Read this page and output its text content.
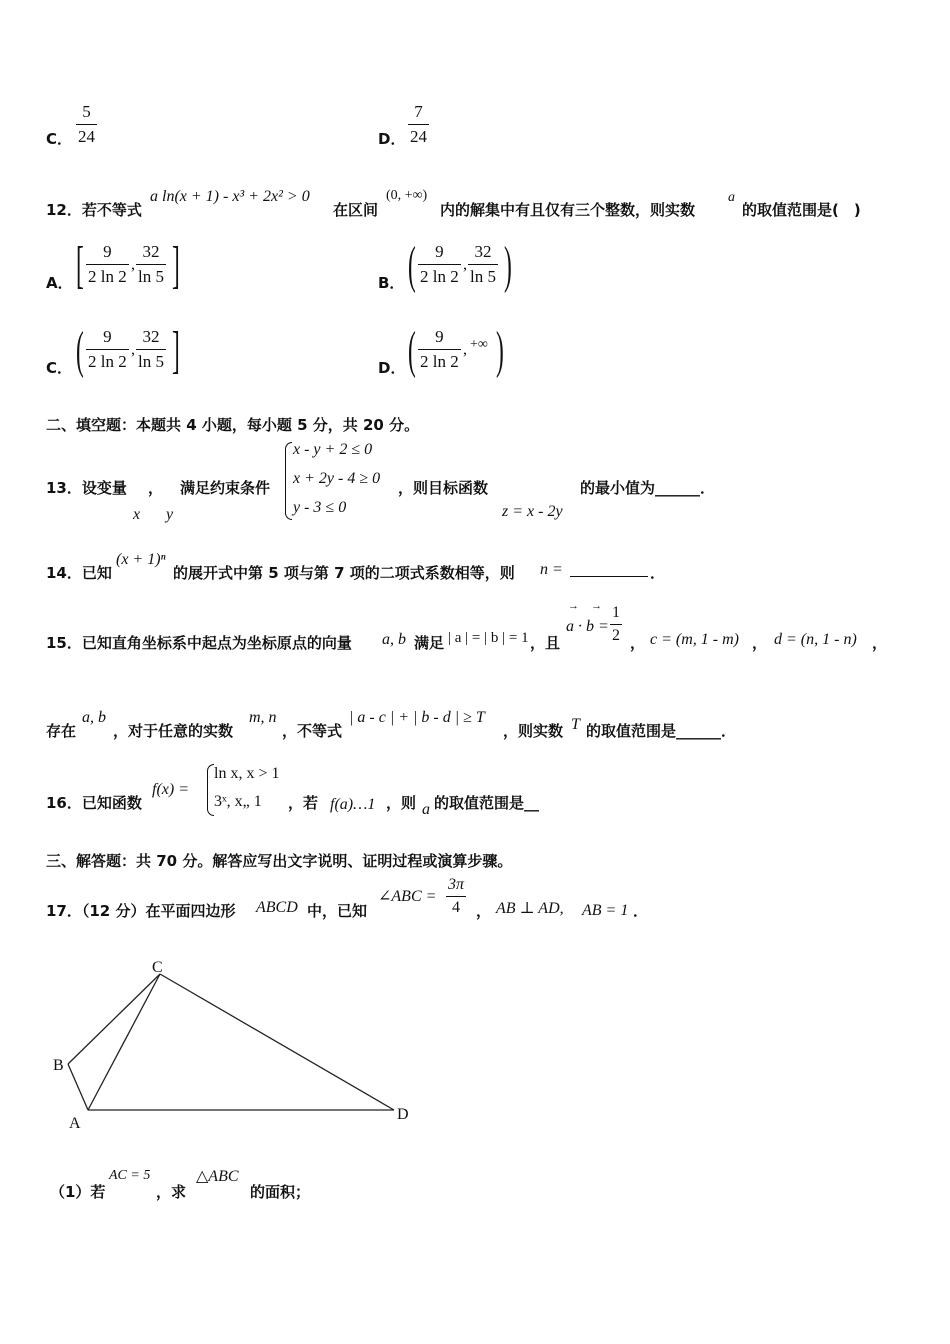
C．
5
24	D．
7
24
12．若不等式
a ln(x + 1) - x³ + 2x² > 0
在区间
(0, +∞)
内的解集中有且仅有三个整数，则实数
a
的取值范围是(　)
A． [	9
2 ln 2
,
32
ln 5 ]	B． (	9
2 ln 2
,
32
ln 5 )
C． (	9
2 ln 2
,
32
ln 5 ]	D． (	9
2 ln 2
, +∞ )
二、填空题：本题共 4 小题，每小题 5 分，共 20 分。
13．设变量 ， 满足约束条件
x y
x - y + 2 ≤ 0
x + 2y - 4 ≥ 0
y - 3 ≤ 0
，则目标函数	的最小值为______．
z = x - 2y
14．已知
(x + 1)ⁿ
的展开式中第 5 项与第 7 项的二项式系数相等，则 n =	．
15．已知直角坐标系中起点为坐标原点的向量 a, b 满足 | a | = | b | = 1 ，且
→→
a · b =
1
2 ， c = (m, 1 - m) ， d = (n, 1 - n) ，
存在
a, b
，对于任意的实数
m, n
，不等式
| a - c | + | b - d | ≥ T
，则实数 T 的取值范围是______．
16．已知函数
f(x) =
ln x, x > 1
3ˣ, x„ 1 ，若 f(a)…1 ，则 a 的取值范围是__
三、解答题：共 70 分。解答应写出文字说明、证明过程或演算步骤。
17．（12 分）在平面四边形 ABCD 中，已知
∠ABC =
3π
4	， AB ⊥ AD, AB = 1 ．
C
B
A
D
（1）若
AC = 5
，求
△ABC
的面积；
